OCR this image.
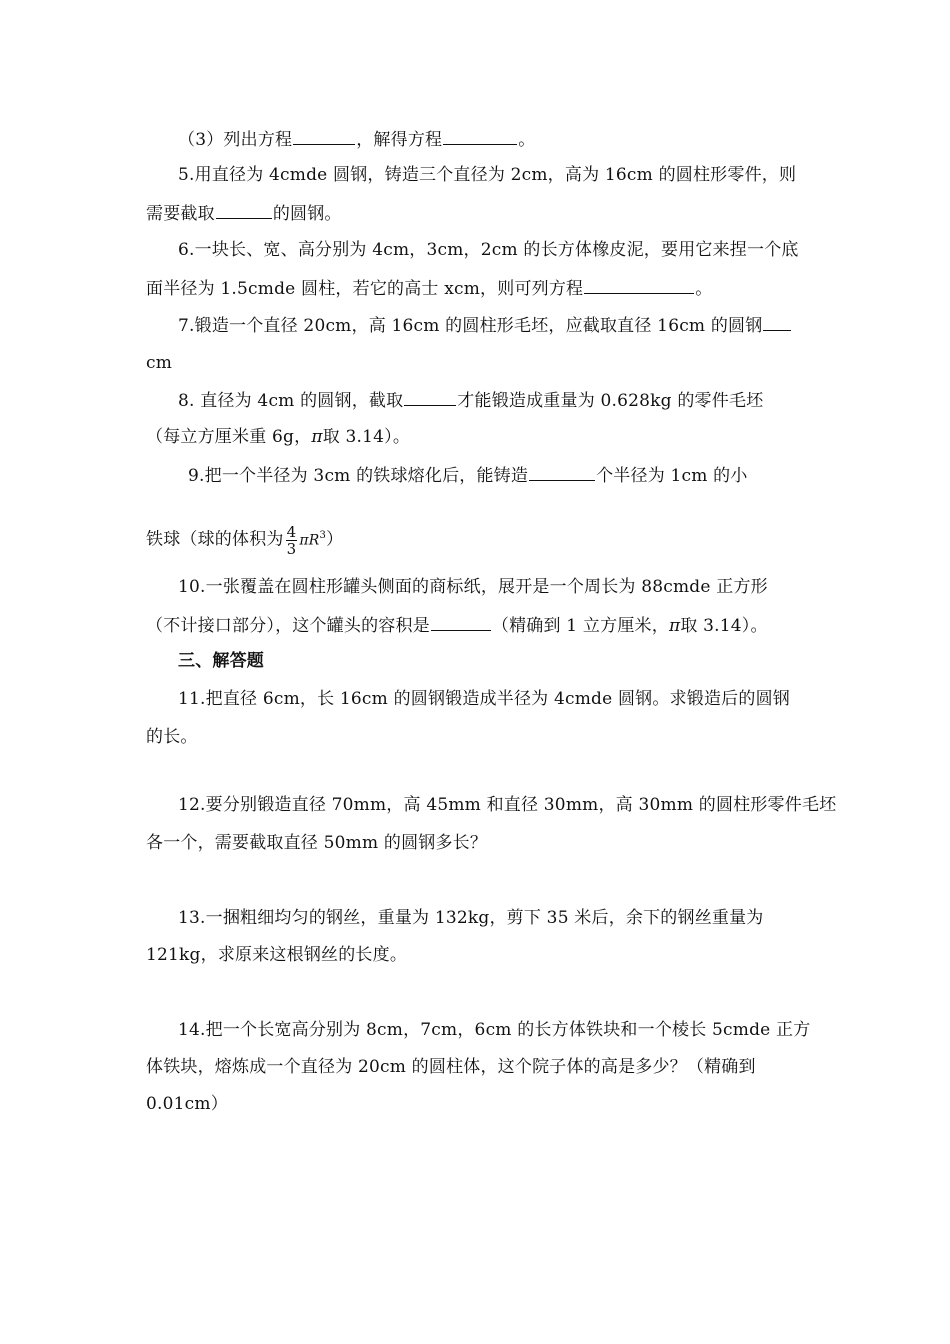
（3）列出方程	，解得方程	。
5.用直径为 4cmde 圆钢，铸造三个直径为 2cm，高为 16cm 的圆柱形零件，则
需要截取	的圆钢。
6.一块长、宽、高分别为 4cm，3cm，2cm 的长方体橡皮泥，要用它来捏一个底
面半径为 1.5cmde 圆柱，若它的高士 xcm，则可列方程	。
7.锻造一个直径 20cm，高 16cm 的圆柱形毛坯，应截取直径 16cm 的圆钢
cm
8. 直径为 4cm 的圆钢，截取	才能锻造成重量为 0.628kg 的零件毛坯
（每立方厘米重 6g，π取 3.14）。
9.把一个半径为 3cm 的铁球熔化后，能铸造	个半径为 1cm 的小
铁球（球的体积为 $\frac{4}{3} \pi R^3$）
10.一张覆盖在圆柱形罐头侧面的商标纸，展开是一个周长为 88cmde 正方形
（不计接口部分），这个罐头的容积是	（精确到 1 立方厘米，π取 3.14）。
三、解答题
11.把直径 6cm，长 16cm 的圆钢锻造成半径为 4cmde 圆钢。求锻造后的圆钢
的长。
12.要分别锻造直径 70mm，高 45mm 和直径 30mm，高 30mm 的圆柱形零件毛坯
各一个，需要截取直径 50mm 的圆钢多长？
13.一捆粗细均匀的钢丝，重量为 132kg，剪下 35 米后，余下的钢丝重量为
121kg，求原来这根钢丝的长度。
14.把一个长宽高分别为 8cm，7cm，6cm 的长方体铁块和一个棱长 5cmde 正方
体铁块，熔炼成一个直径为 20cm 的圆柱体，这个院子体的高是多少？（精确到
0.01cm）
